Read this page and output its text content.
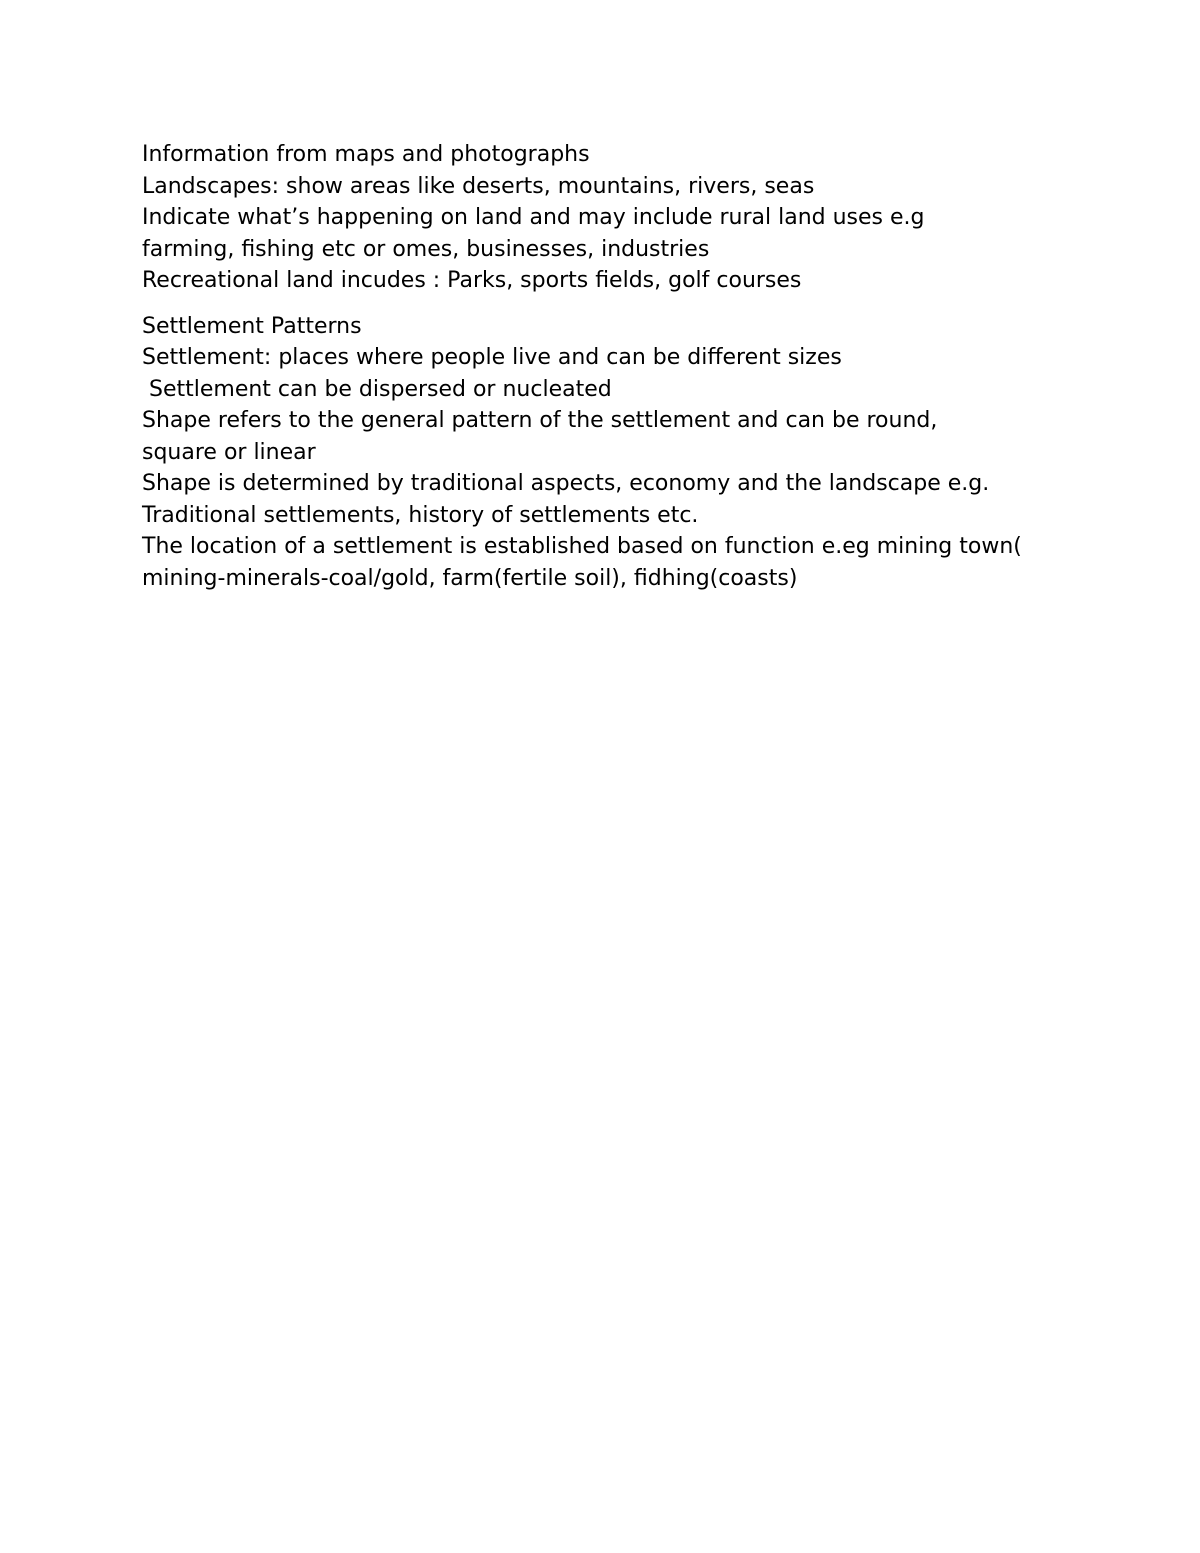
Information from maps and photographs

Landscapes: show areas like deserts, mountains, rivers, seas

Indicate what’s happening on land and may include rural land uses e.g farming, fishing etc or omes, businesses, industries

Recreational land incudes : Parks, sports fields, golf courses

Settlement Patterns

Settlement: places where people live and can be different sizes

Settlement can be dispersed or nucleated

Shape refers to the general pattern of the settlement and can be round, square or linear

Shape is determined by traditional aspects, economy and the landscape e.g. Traditional settlements, history of settlements etc.

The location of a settlement is established based on function e.eg mining town( mining-minerals-coal/gold, farm(fertile soil), fidhing(coasts)
